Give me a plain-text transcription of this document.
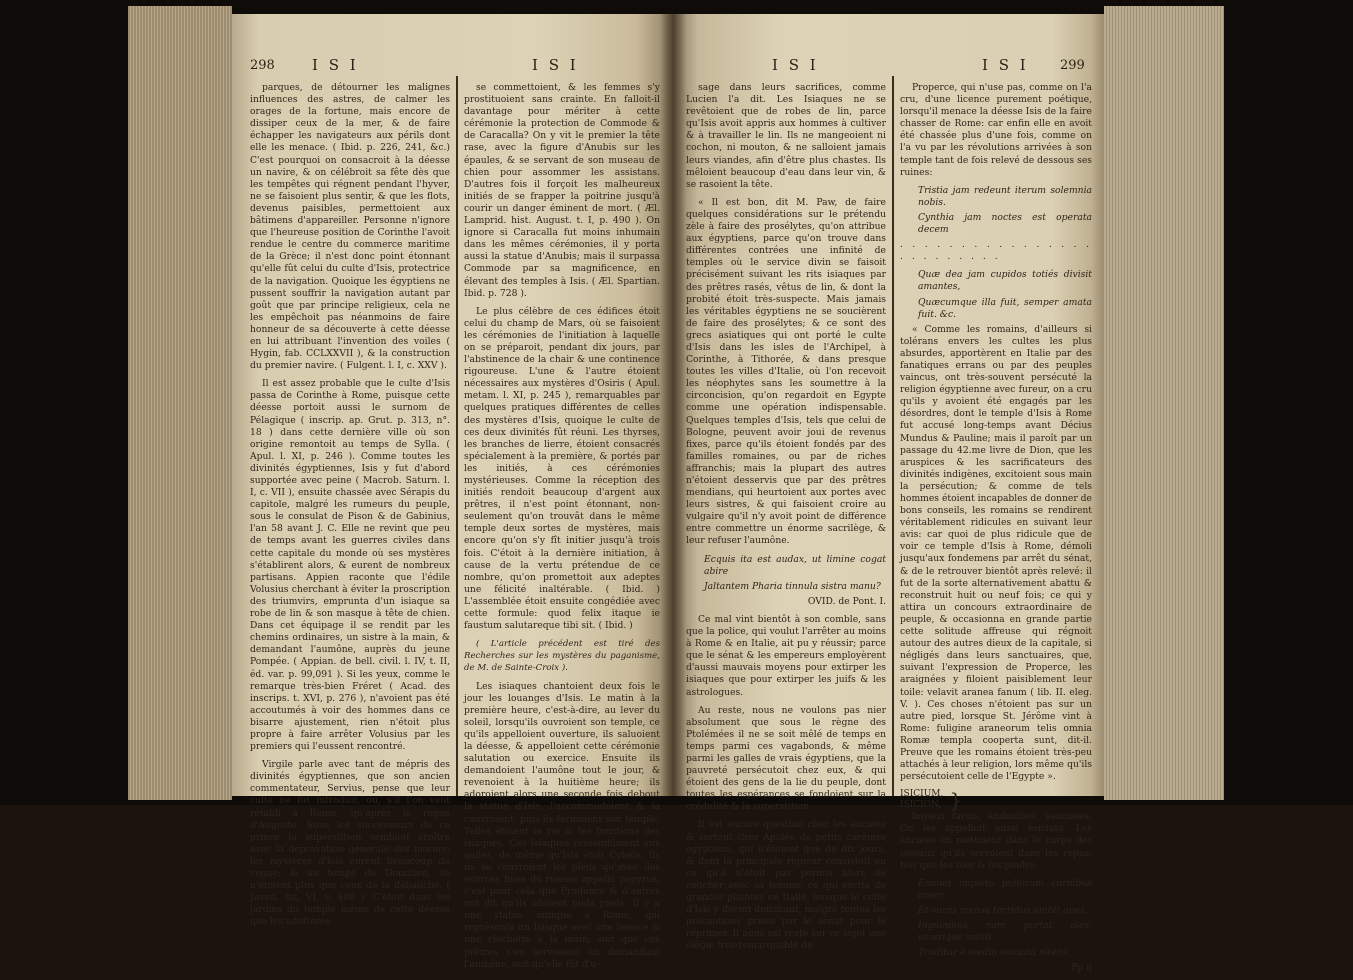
298 I S I	I S I

parques, de détourner les malignes influences des astres, de calmer les orages de la fortune, mais encore de dissiper ceux de la mer, & de faire échapper les navigateurs aux périls dont elle les menace. ( Ibid. p. 226, 241, &c.) C'est pourquoi on consacroit à la déesse un navire, & on célébroit sa fête dès que les tempêtes qui régnent pendant l'hyver, ne se faisoient plus sentir, & que les flots, devenus paisibles, permettoient aux bâtimens d'appareiller. Personne n'ignore que l'heureuse position de Corinthe l'avoit rendue le centre du commerce maritime de la Grèce; il n'est donc point étonnant qu'elle fût celui du culte d'Isis, protectrice de la navigation. Quoique les égyptiens ne pussent souffrir la navigation autant par goût que par principe religieux, cela ne les empêchoit pas néanmoins de faire honneur de sa découverte à cette déesse en lui attribuant l'invention des voiles ( Hygin, fab. CCLXXVII ), & la construction du premier navire. ( Fulgent. l. I, c. XXV ).

Il est assez probable que le culte d'Isis passa de Corinthe à Rome, puisque cette déesse portoit aussi le surnom de Pélagique ( inscrip. ap. Grut. p. 313, n°. 18 ) dans cette dernière ville où son origine remontoit au temps de Sylla. ( Apul. l. XI, p. 246 ). Comme toutes les divinités égyptiennes, Isis y fut d'abord supportée avec peine ( Macrob. Saturn. l. I, c. VII ), ensuite chassée avec Sérapis du capitole, malgré les rumeurs du peuple, sous le consulat de Pison & de Gabinius, l'an 58 avant J. C. Elle ne revint que peu de temps avant les guerres civiles dans cette capitale du monde où ses mystères s'établirent alors, & eurent de nombreux partisans. Appien raconte que l'édile Volusius cherchant à éviter la proscription des triumvirs, emprunta d'un isiaque sa robe de lin & son masque à tête de chien. Dans cet équipage il se rendit par les chemins ordinaires, un sistre à la main, & demandant l'aumône, auprès du jeune Pompée. ( Appian. de bell. civil. l. IV, t. II, éd. var. p. 99,091 ). Si les yeux, comme le remarque très-bien Fréret ( Acad. des inscrips. t. XVI, p. 276 ), n'avoient pas été accoutumés à voir des hommes dans ce bisarre ajustement, rien n'étoit plus propre à faire arrêter Volusius par les premiers qui l'eussent rencontré.

Virgile parle avec tant de mépris des divinités égyptiennes, que son ancien commentateur, Servius, pense que leur culte ne fut introduit, ou, s'il l'on veut rétabli à Rome, qu'après le règne d'Auguste. Sous les successeurs de ce prince la superstition sembloit croître avec la dépravation générale des mœurs; les mystères d'Isis eurent beaucoup de vogue; & au temps de Domitien, ils n'étoient plus que ceux de la débauche. ( Juven. fat. VI, v. 488 ). C'étoit dans les jardins du temple même de cette déesse que les adultères

se commettoient, & les femmes s'y prostituoient sans crainte. En falloit-il davantage pour mériter à cette cérémonie la protection de Commode & de Caracalla? On y vit le premier la tête rase, avec la figure d'Anubis sur les épaules, & se servant de son museau de chien pour assommer les assistans. D'autres fois il forçoit les malheureux initiés de se frapper la poitrine jusqu'à courir un danger éminent de mort. ( Æl. Lamprid. hist. August. t. I, p. 490 ). On ignore si Caracalla fut moins inhumain dans les mêmes cérémonies, il y porta aussi la statue d'Anubis; mais il surpassa Commode par sa magnificence, en élevant des temples à Isis. ( Æl. Spartian. Ibid. p. 728 ).

Le plus célèbre de ces édifices étoit celui du champ de Mars, où se faisoient les cérémonies de l'initiation à laquelle on se préparoit, pendant dix jours, par l'abstinence de la chair & une continence rigoureuse. L'une & l'autre étoient nécessaires aux mystères d'Osiris ( Apul. metam. l. XI, p. 245 ), remarquables par quelques pratiques différentes de celles des mystères d'Isis, quoique le culte de ces deux divinités fût réuni. Les thyrses, les branches de lierre, étoient consacrés spécialement à la première, & portés par les initiés, à ces cérémonies mystérieuses. Comme la réception des initiés rendoit beaucoup d'argent aux prêtres, il n'est point étonnant, non-seulement qu'on trouvât dans le même temple deux sortes de mystères, mais encore qu'on s'y fît initier jusqu'à trois fois. C'étoit à la dernière initiation, à cause de la vertu prétendue de ce nombre, qu'on promettoit aux adeptes une félicité inaltérable. ( Ibid. ) L'assemblée étoit ensuite congédiée avec cette formule: quod felix itaque ie faustum salutareque tibi sit. ( Ibid. )

( L'article précédent est tiré des Recherches sur les mystères du paganisme, de M. de Sainte-Croix ).

Les isiaques chantoient deux fois le jour les louanges d'Isis. Le matin à la première heure, c'est-à-dire, au lever du soleil, lorsqu'ils ouvroient son temple, ce qu'ils appelloient ouverture, ils saluoient la déesse, & appelloient cette cérémonie salutation ou exercice. Ensuite ils demandoient l'aumône tout le jour, & revenoient à la huitième heure; ils adoroient alors une seconde fois debout la statue d'Isis, l'accommodoient & la couvroient, puis ils fermoient son temple. Telles étoient la vie & les fonctions des isiaques. Ces Isiaques ressembloient aux galles, de même qu'Isis étoit Cybèle. Ils ne se couvroient les pieds qu'avec des écorces fines du roseau appellé papyrus; c'est pour cela que Prudence & d'autres ont dit qu'ils alloient nuds pieds. Il y a une statue antique à Rome, qui représente un Isiaque avec une besace & une clochette à la main, soit que ces prêtres s'en servissent en demandant l'aumône, soit qu'elle fût d'u-

I S I	I S I 299

sage dans leurs sacrifices, comme Lucien l'a dit. Les Isiaques ne se revêtoient que de robes de lin, parce qu'Isis avoit appris aux hommes à cultiver & à travailler le lin. Ils ne mangeoient ni cochon, ni mouton, & ne salloient jamais leurs viandes, afin d'être plus chastes. Ils mêloient beaucoup d'eau dans leur vin, & se rasoient la tête.

« Il est bon, dit M. Paw, de faire quelques considérations sur le prétendu zèle à faire des prosélytes, qu'on attribue aux égyptiens, parce qu'on trouve dans différentes contrées une infinité de temples où le service divin se faisoit précisément suivant les rits isiaques par des prêtres rasés, vêtus de lin, & dont la probité étoit très-suspecte. Mais jamais les véritables égyptiens ne se soucièrent de faire des prosélytes; & ce sont des grecs asiatiques qui ont porté le culte d'Isis dans les isles de l'Archipel, à Corinthe, à Tithorée, & dans presque toutes les villes d'Italie, où l'on recevoit les néophytes sans les soumettre à la circoncision, qu'on regardoit en Egypte comme une opération indispensable. Quelques temples d'Isis, tels que celui de Bologne, peuvent avoir joui de revenus fixes, parce qu'ils étoient fondés par des familles romaines, ou par de riches affranchis; mais la plupart des autres n'étoient desservis que par des prêtres mendians, qui heurtoient aux portes avec leurs sistres, & qui faisoient croire au vulgaire qu'il n'y avoit point de différence entre commettre un énorme sacrilège, & leur refuser l'aumône.

Ecquis ita est audax, ut limine cogat abire

Jaltantem Pharia tinnula sistra manu?

OVID. de Pont. I.

Ce mal vint bientôt à son comble, sans que la police, qui voulut l'arrêter au moins à Rome & en Italie, ait pu y réussir; parce que le sénat & les empereurs employèrent d'aussi mauvais moyens pour extirper les isiaques que pour extirper les juifs & les astrologues.

Au reste, nous ne voulons pas nier absolument que sous le règne des Ptolémées il ne se soit mêlé de temps en temps parmi ces vagabonds, & même parmi les galles de vrais égyptiens, que la pauvreté persécutoit chez eux, & qui étoient des gens de la lie du peuple, dont toutes les espérances se fondoient sur la crédulité & la superstition.

Il est encore question chez les anciens & surtout chez Apulée de petits carêmes égyptiens, qui n'étoient que de dix jours, & dont la principale rigueur consistoit en ce qu'il n'étoit pas permis alors de coucher avec sa femme: ce qui excita de grandes plaintes en Italie, lorsque le culte d'Isis y devint dominant, malgré toutes les précautions prises par le sénat pour le réprimer. Il nous est resté sur ce sujet une élégie très-remarquable de

Properce, qui n'use pas, comme on l'a cru, d'une licence purement poétique, lorsqu'il menace la déesse Isis de la faire chasser de Rome: car enfin elle en avoit été chassée plus d'une fois, comme on l'a vu par les révolutions arrivées à son temple tant de fois relevé de dessous ses ruines:

Tristia jam redeunt iterum solemnia nobis.

Cynthia jam noctes est operata decem

. . . . . . . . . . . . . . . . . . . . . . . . .

Quæ dea jam cupidos totiés divisit amantes,

Quæcumque illa fuit, semper amata fuit. &c.

« Comme les romains, d'ailleurs si tolérans envers les cultes les plus absurdes, apportèrent en Italie par des fanatiques errans ou par des peuples vaincus, ont très-souvent persécuté la religion égyptienne avec fureur, on a cru qu'ils y avoient été engagés par les désordres, dont le temple d'Isis à Rome fut accusé long-temps avant Décius Mundus & Pauline; mais il paroît par un passage du 42.me livre de Dion, que les aruspices & les sacrificateurs des divinités indigènes, excitoient sous main la persécution; & comme de tels hommes étoient incapables de donner de bons conseils, les romains se rendirent véritablement ridicules en suivant leur avis: car quoi de plus ridicule que de voir ce temple d'Isis à Rome, démoli jusqu'aux fondemens par arrêt du sénat, & de le retrouver bientôt après relevé: il fut de la sorte alternativement abattu & reconstruit huit ou neuf fois; ce qui y attira un concours extraordinaire de peuple, & occasionna en grande partie cette solitude affreuse qui régnoit autour des autres dieux de la capitale, si négligés dans leurs sanctuaires, que, suivant l'expression de Properce, les araignées y filoient paisiblement leur toile: velavit aranea fanum ( lib. II. eleg. V. ). Ces choses n'étoient pas sur un autre pied, lorsque St. Jérôme vint à Rome: fuligine araneorum telis omnia Romæ templa cooperta sunt, dit-il. Preuve que les romains étoient très-peu attachés à leur religion, lors même qu'ils persécutoient celle de l'Egypte ».

ISICIUM,
ISICION, }

boyaux farcis, andouilles, saucisses. On les appelloit aussi esiciata. Les anciens en mettoient dans le corps des oiseaux qu'ils servoient dans les repas, tels que les oies & les poules:

Eminet impleto pullorum carnibus anser,

Et variis mensa torridus ambit opes.

Inguinibus nam portat oles, ventrique soluti

Truditur è medio esiciata nitens.

Pp ij
